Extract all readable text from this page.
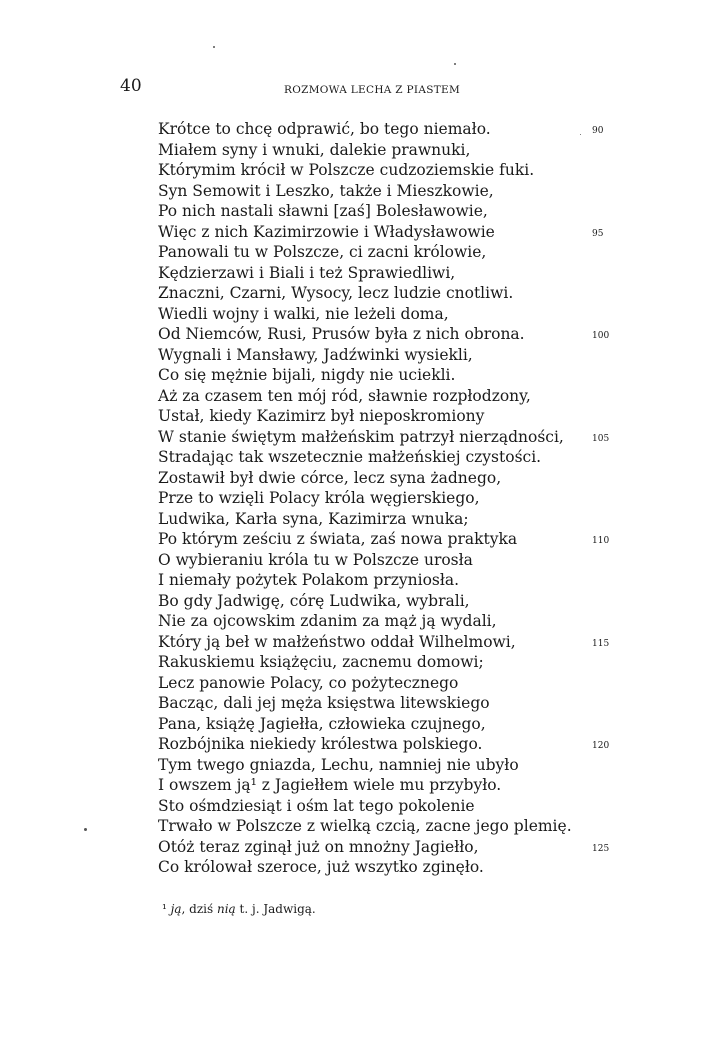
40	ROZMOWA LECHA Z PIASTEM
Krótce to chcę odprawić, bo tego niemało.
Miałem syny i wnuki, dalekie prawnuki,
Którymim krócił w Polszcze cudzoziemskie fuki.
Syn Semowit i Leszko, także i Mieszkowie,
Po nich nastali sławni [zaś] Bolesławowie,
Więc z nich Kazimirzowie i Władysławowie
Panowali tu w Polszcze, ci zacni królowie,
Kędzierzawi i Biali i też Sprawiedliwi,
Znaczni, Czarni, Wysocy, lecz ludzie cnotliwi.
Wiedli wojny i walki, nie leżeli doma,
Od Niemców, Rusi, Prusów była z nich obrona.
Wygnali i Mansławy, Jadźwinki wysiekli,
Co się mężnie bijali, nigdy nie uciekli.
Aż za czasem ten mój ród, sławnie rozpłodzony,
Ustał, kiedy Kazimirz był nieposkromiony
W stanie świętym małżeńskim patrzył nierządności,
Stradając tak wszetecznie małżeńskiej czystości.
Zostawił był dwie córce, lecz syna żadnego,
Prze to wzięli Polacy króla węgierskiego,
Ludwika, Karła syna, Kazimirza wnuka;
Po którym ześciu z świata, zaś nowa praktyka
O wybieraniu króla tu w Polszcze urosła
I niemały pożytek Polakom przyniosła.
Bo gdy Jadwigę, córę Ludwika, wybrali,
Nie za ojcowskim zdanim za mąż ją wydali,
Który ją beł w małżeństwo oddał Wilhelmowi,
Rakuskiemu książęciu, zacnemu domowi;
Lecz panowie Polacy, co pożytecznego
Bacząc, dali jej męża księstwa litewskiego
Pana, książę Jagiełła, człowieka czujnego,
Rozbójnika niekiedy królestwa polskiego.
Tym twego gniazda, Lechu, namniej nie ubyło
I owszem ją¹ z Jagiełłem wiele mu przybyło.
Sto ośmdziesiąt i ośm lat tego pokolenie
Trwało w Polszcze z wielką czcią, zacne jego plemię.
Otóż teraz zginął już on mnożny Jagiełło,
Co królował szeroce, już wszytko zginęło.
90
95
100
105
110
115
120
125
¹ ją, dziś nią t. j. Jadwigą.
